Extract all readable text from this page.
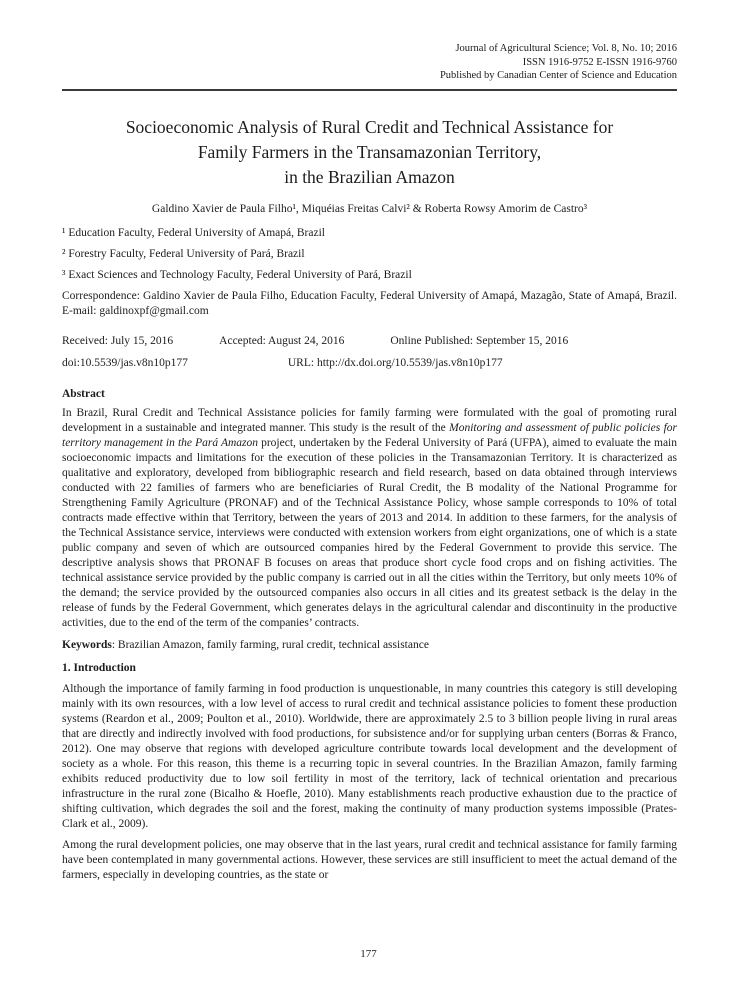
Journal of Agricultural Science; Vol. 8, No. 10; 2016
ISSN 1916-9752 E-ISSN 1916-9760
Published by Canadian Center of Science and Education
Socioeconomic Analysis of Rural Credit and Technical Assistance for
Family Farmers in the Transamazonian Territory,
in the Brazilian Amazon
Galdino Xavier de Paula Filho¹, Miquéias Freitas Calvi² & Roberta Rowsy Amorim de Castro³
¹ Education Faculty, Federal University of Amapá, Brazil
² Forestry Faculty, Federal University of Pará, Brazil
³ Exact Sciences and Technology Faculty, Federal University of Pará, Brazil
Correspondence: Galdino Xavier de Paula Filho, Education Faculty, Federal University of Amapá, Mazagão, State of Amapá, Brazil. E-mail: galdinoxpf@gmail.com
Received: July 15, 2016	Accepted: August 24, 2016	Online Published: September 15, 2016
doi:10.5539/jas.v8n10p177	URL: http://dx.doi.org/10.5539/jas.v8n10p177
Abstract

In Brazil, Rural Credit and Technical Assistance policies for family farming were formulated with the goal of promoting rural development in a sustainable and integrated manner. This study is the result of the Monitoring and assessment of public policies for territory management in the Pará Amazon project, undertaken by the Federal University of Pará (UFPA), aimed to evaluate the main socioeconomic impacts and limitations for the execution of these policies in the Transamazonian Territory. It is characterized as qualitative and exploratory, developed from bibliographic research and field research, based on data obtained through interviews conducted with 22 families of farmers who are beneficiaries of Rural Credit, the B modality of the National Programme for Strengthening Family Agriculture (PRONAF) and of the Technical Assistance Policy, whose sample corresponds to 10% of total contracts made effective within that Territory, between the years of 2013 and 2014. In addition to these farmers, for the analysis of the Technical Assistance service, interviews were conducted with extension workers from eight organizations, one of which is a state public company and seven of which are outsourced companies hired by the Federal Government to provide this service. The descriptive analysis shows that PRONAF B focuses on areas that produce short cycle food crops and on fishing activities. The technical assistance service provided by the public company is carried out in all the cities within the Territory, but only meets 10% of the demand; the service provided by the outsourced companies also occurs in all cities and its greatest setback is the delay in the release of funds by the Federal Government, which generates delays in the agricultural calendar and discontinuity in the productive activities, due to the end of the term of the companies’ contracts.

Keywords: Brazilian Amazon, family farming, rural credit, technical assistance
1. Introduction

Although the importance of family farming in food production is unquestionable, in many countries this category is still developing mainly with its own resources, with a low level of access to rural credit and technical assistance policies to foment these production systems (Reardon et al., 2009; Poulton et al., 2010). Worldwide, there are approximately 2.5 to 3 billion people living in rural areas that are directly and indirectly involved with food productions, for subsistence and/or for supplying urban centers (Borras & Franco, 2012). One may observe that regions with developed agriculture contribute towards local development and the development of society as a whole. For this reason, this theme is a recurring topic in several countries. In the Brazilian Amazon, family farming exhibits reduced productivity due to low soil fertility in most of the territory, lack of technical orientation and precarious infrastructure in the rural zone (Bicalho & Hoefle, 2010). Many establishments reach productive exhaustion due to the practice of shifting cultivation, which degrades the soil and the forest, making the continuity of many production systems impossible (Prates-Clark et al., 2009).

Among the rural development policies, one may observe that in the last years, rural credit and technical assistance for family farming have been contemplated in many governmental actions. However, these services are still insufficient to meet the actual demand of the farmers, especially in developing countries, as the state or

177
